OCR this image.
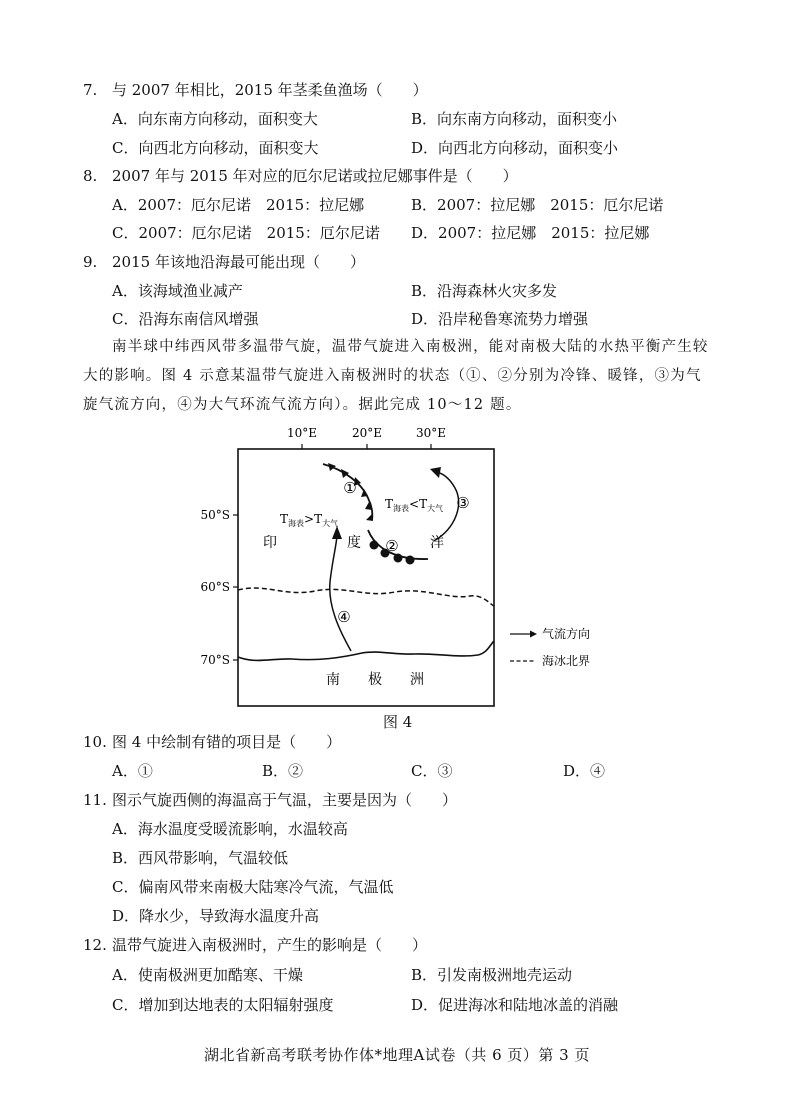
7. 与 2007 年相比，2015 年茎柔鱼渔场（　　）
A．向东南方向移动，面积变大	B．向东南方向移动，面积变小
C．向西北方向移动，面积变大	D．向西北方向移动，面积变小
8. 2007 年与 2015 年对应的厄尔尼诺或拉尼娜事件是（　　）
A．2007：厄尔尼诺　2015：拉尼娜	B．2007：拉尼娜　2015：厄尔尼诺
C．2007：厄尔尼诺　2015：厄尔尼诺 D．2007：拉尼娜　2015：拉尼娜
9. 2015 年该地沿海最可能出现（　　）
A．该海域渔业减产	B．沿海森林火灾多发
C．沿海东南信风增强	D．沿岸秘鲁寒流势力增强
南半球中纬西风带多温带气旋，温带气旋进入南极洲，能对南极大陆的水热平衡产生较大的影响。图 4 示意某温带气旋进入南极洲时的状态（①、②分别为冷锋、暖锋，③为气旋气流方向，④为大气环流气流方向）。据此完成 10～12 题。
10°E	20°E	30°E
50°S
60°S
70°S
①
②
③
④
$T_{海表}>T_{大气}$
$T_{海表}<T_{大气}$
印	度	洋
南　　极　　洲
气流方向
海冰北界
图 4
10. 图 4 中绘制有错的项目是（　　）
A．①	B．②	C．③	D．④
11. 图示气旋西侧的海温高于气温，主要是因为（　　）
A．海水温度受暖流影响，水温较高
B．西风带影响，气温较低
C．偏南风带来南极大陆寒冷气流，气温低
D．降水少，导致海水温度升高
12. 温带气旋进入南极洲时，产生的影响是（　　）
A．使南极洲更加酷寒、干燥	B．引发南极洲地壳运动
C．增加到达地表的太阳辐射强度	D．促进海冰和陆地冰盖的消融
湖北省新高考联考协作体*地理A试卷（共 6 页）第 3 页
